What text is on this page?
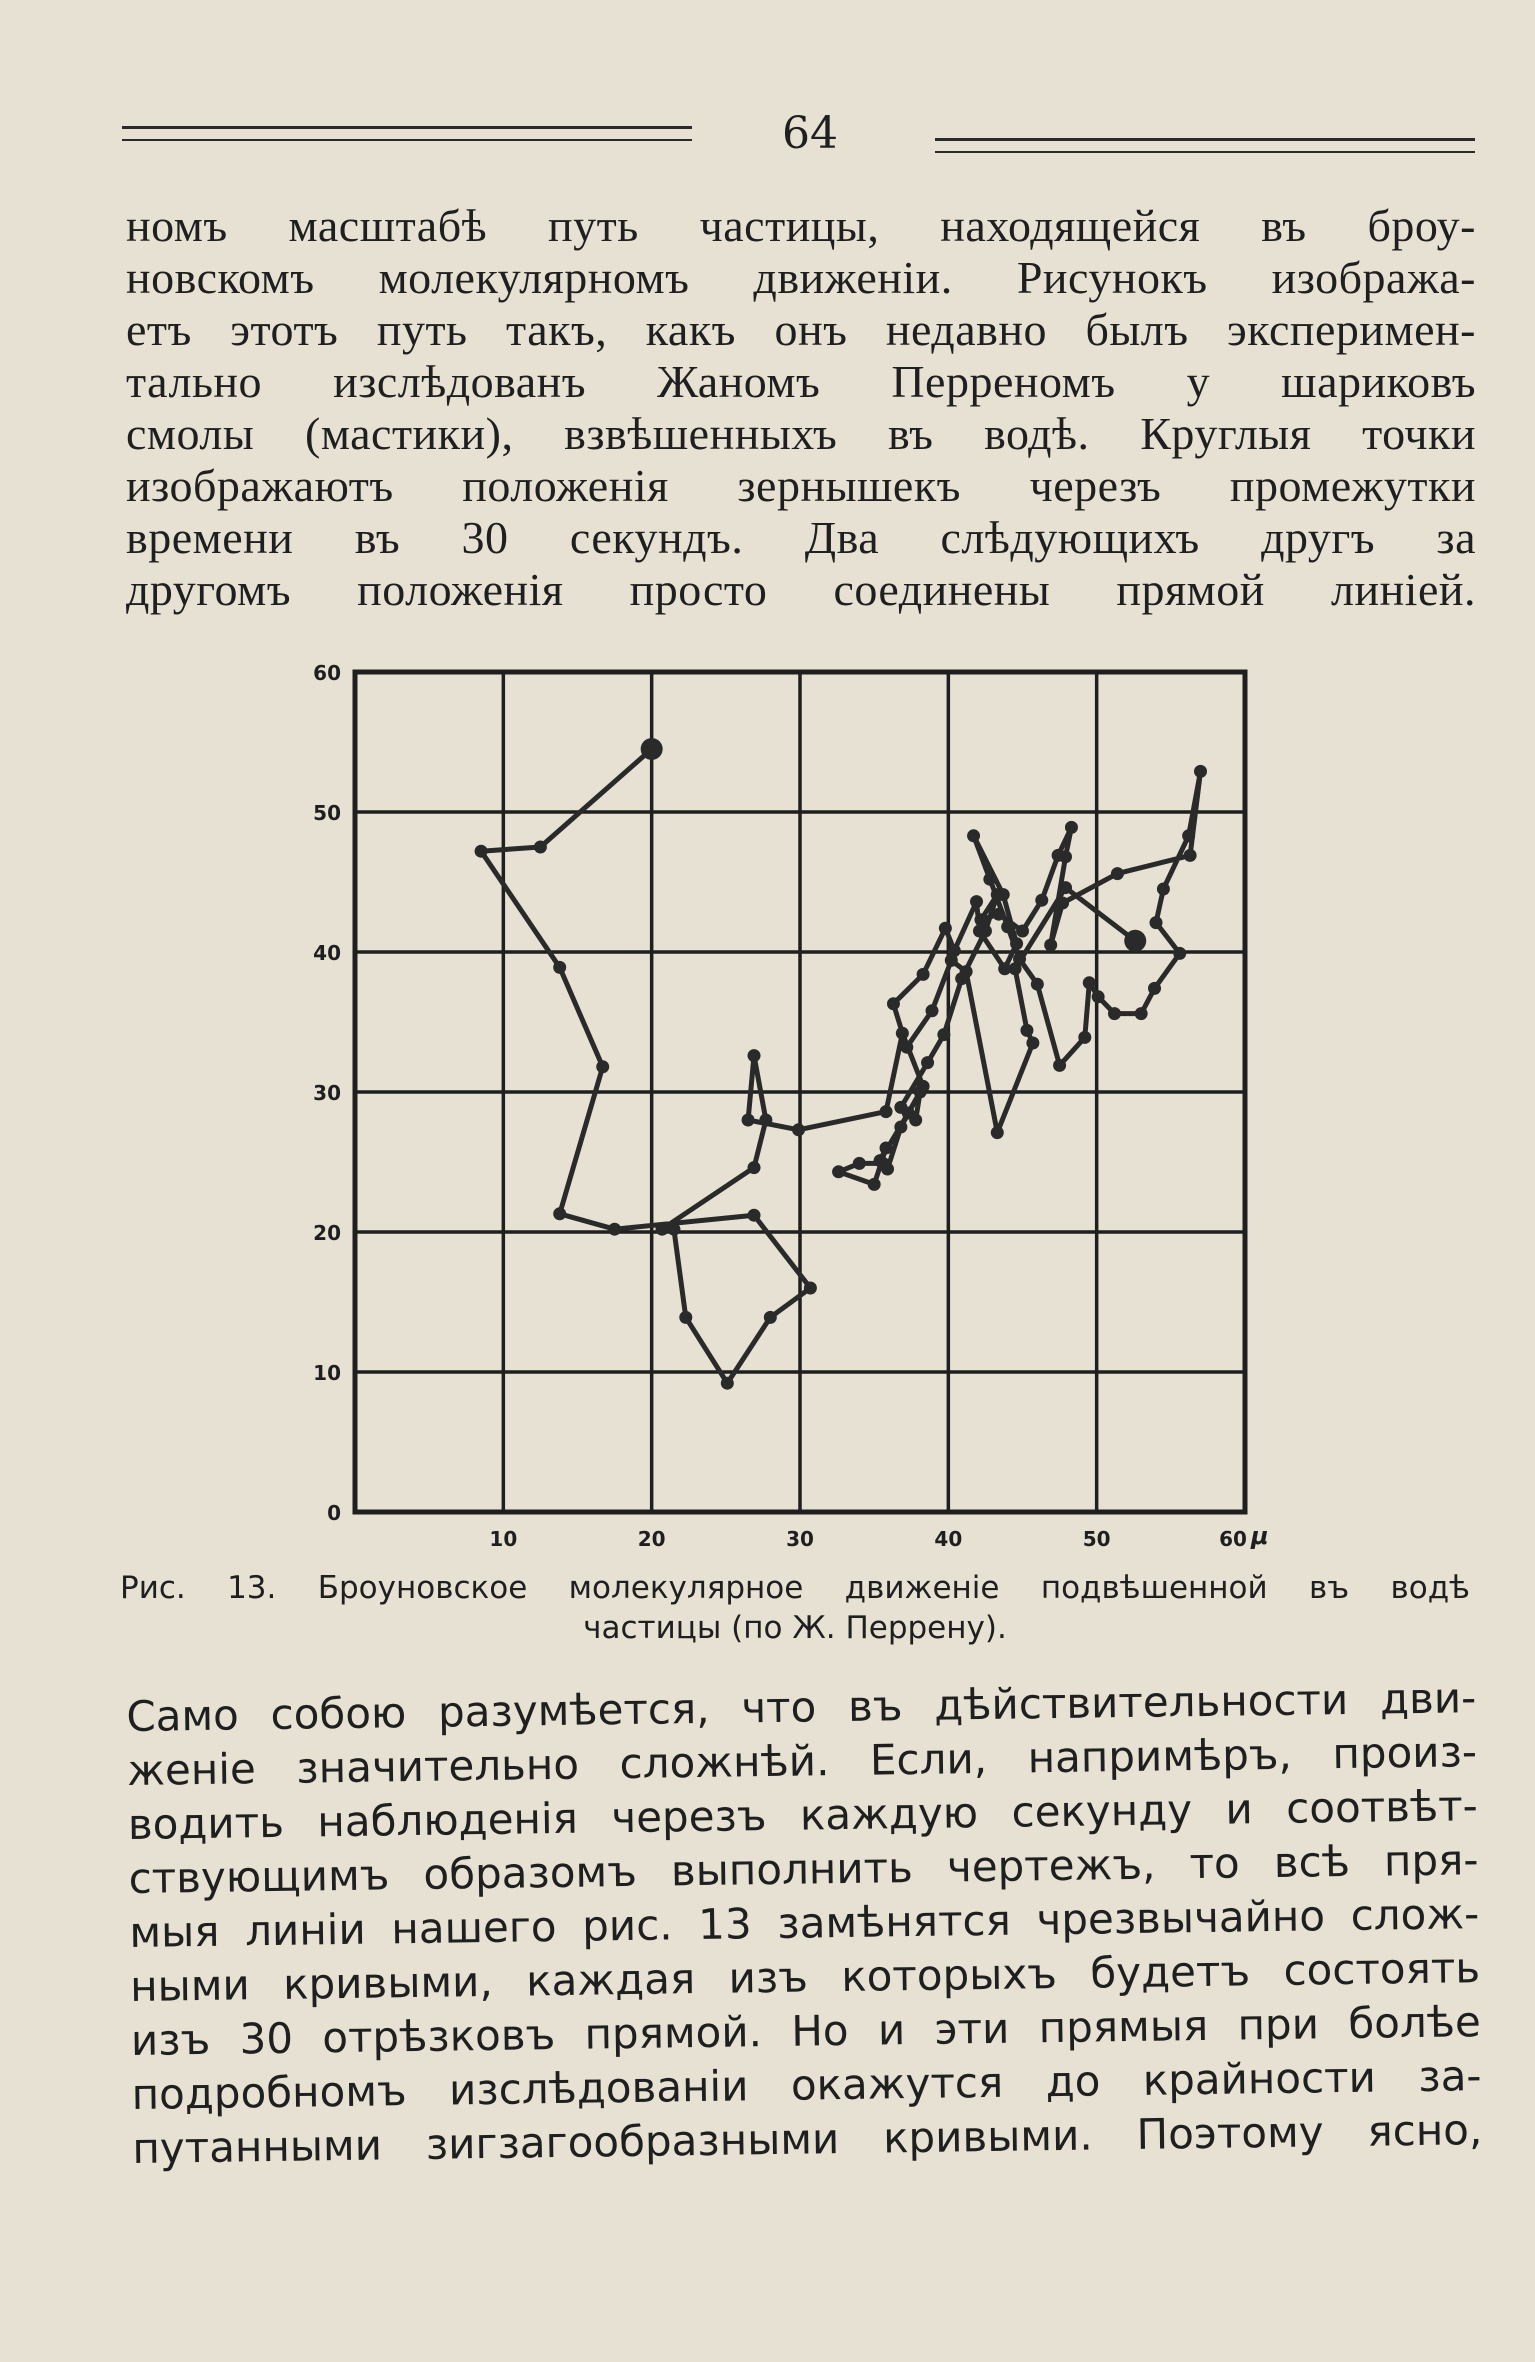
64
номъ масштабѣ путь частицы, находящейся въ броу-
новскомъ молекулярномъ движеніи. Рисунокъ изобража-
етъ этотъ путь такъ, какъ онъ недавно былъ эксперимен-
тально изслѣдованъ Жаномъ Перреномъ у шариковъ
смолы (мастики), взвѣшенныхъ въ водѣ. Круглыя точки
изображаютъ положенія зернышекъ черезъ промежутки
времени въ 30 секундъ. Два слѣдующихъ другъ за
другомъ положенія просто соединены прямой линіей.
0
10
20
30
40
50
60
10	20	30	40	50	60 μ
Рис. 13. Броуновское молекулярное движеніе подвѣшенной въ водѣ
частицы (по Ж. Перрену).
Само собою разумѣется, что въ дѣйствительности дви-
женіе значительно сложнѣй. Если, напримѣръ, произ-
водить наблюденія черезъ каждую секунду и соотвѣт-
ствующимъ образомъ выполнить чертежъ, то всѣ пря-
мыя линіи нашего рис. 13 замѣнятся чрезвычайно слож-
ными кривыми, каждая изъ которыхъ будетъ состоять
изъ 30 отрѣзковъ прямой. Но и эти прямыя при болѣе
подробномъ изслѣдованіи окажутся до крайности за-
путанными зигзагообразными кривыми. Поэтому ясно,
